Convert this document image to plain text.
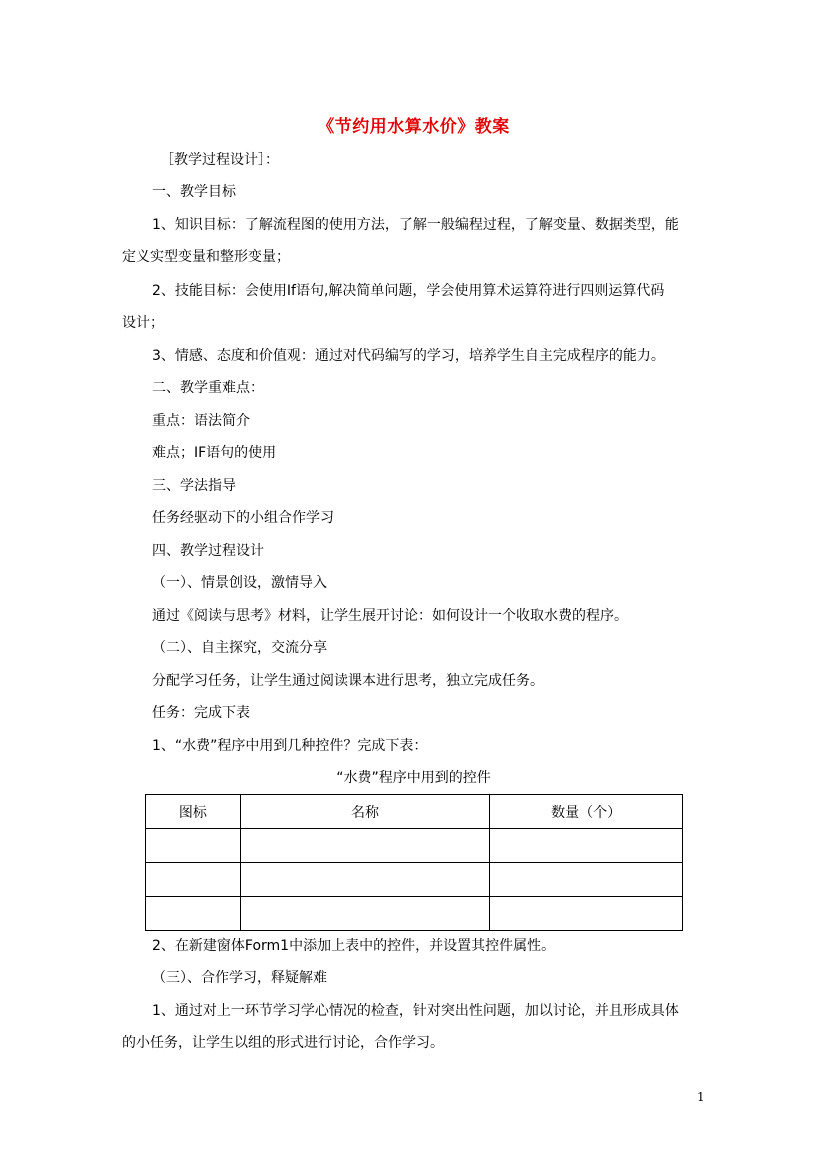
《节约用水算水价》教案
［教学过程设计］：
一、教学目标
1、知识目标：了解流程图的使用方法，了解一般编程过程，了解变量、数据类型，能
定义实型变量和整形变量；
2、技能目标：会使用If语句,解决简单问题，学会使用算术运算符进行四则运算代码
设计；
3、情感、态度和价值观：通过对代码编写的学习，培养学生自主完成程序的能力。
二、教学重难点：
重点：语法简介
难点；IF语句的使用
三、学法指导
任务经驱动下的小组合作学习
四、教学过程设计
（一）、情景创设，激情导入
通过《阅读与思考》材料，让学生展开讨论：如何设计一个收取水费的程序。
（二）、自主探究，交流分享
分配学习任务，让学生通过阅读课本进行思考，独立完成任务。
任务：完成下表
1、“水费”程序中用到几种控件？完成下表：
“水费”程序中用到的控件
图标	名称	数量（个）

2、在新建窗体Form1中添加上表中的控件，并设置其控件属性。
（三）、合作学习，释疑解难
1、通过对上一环节学习学心情况的检查，针对突出性问题，加以讨论，并且形成具体
的小任务，让学生以组的形式进行讨论，合作学习。
1
